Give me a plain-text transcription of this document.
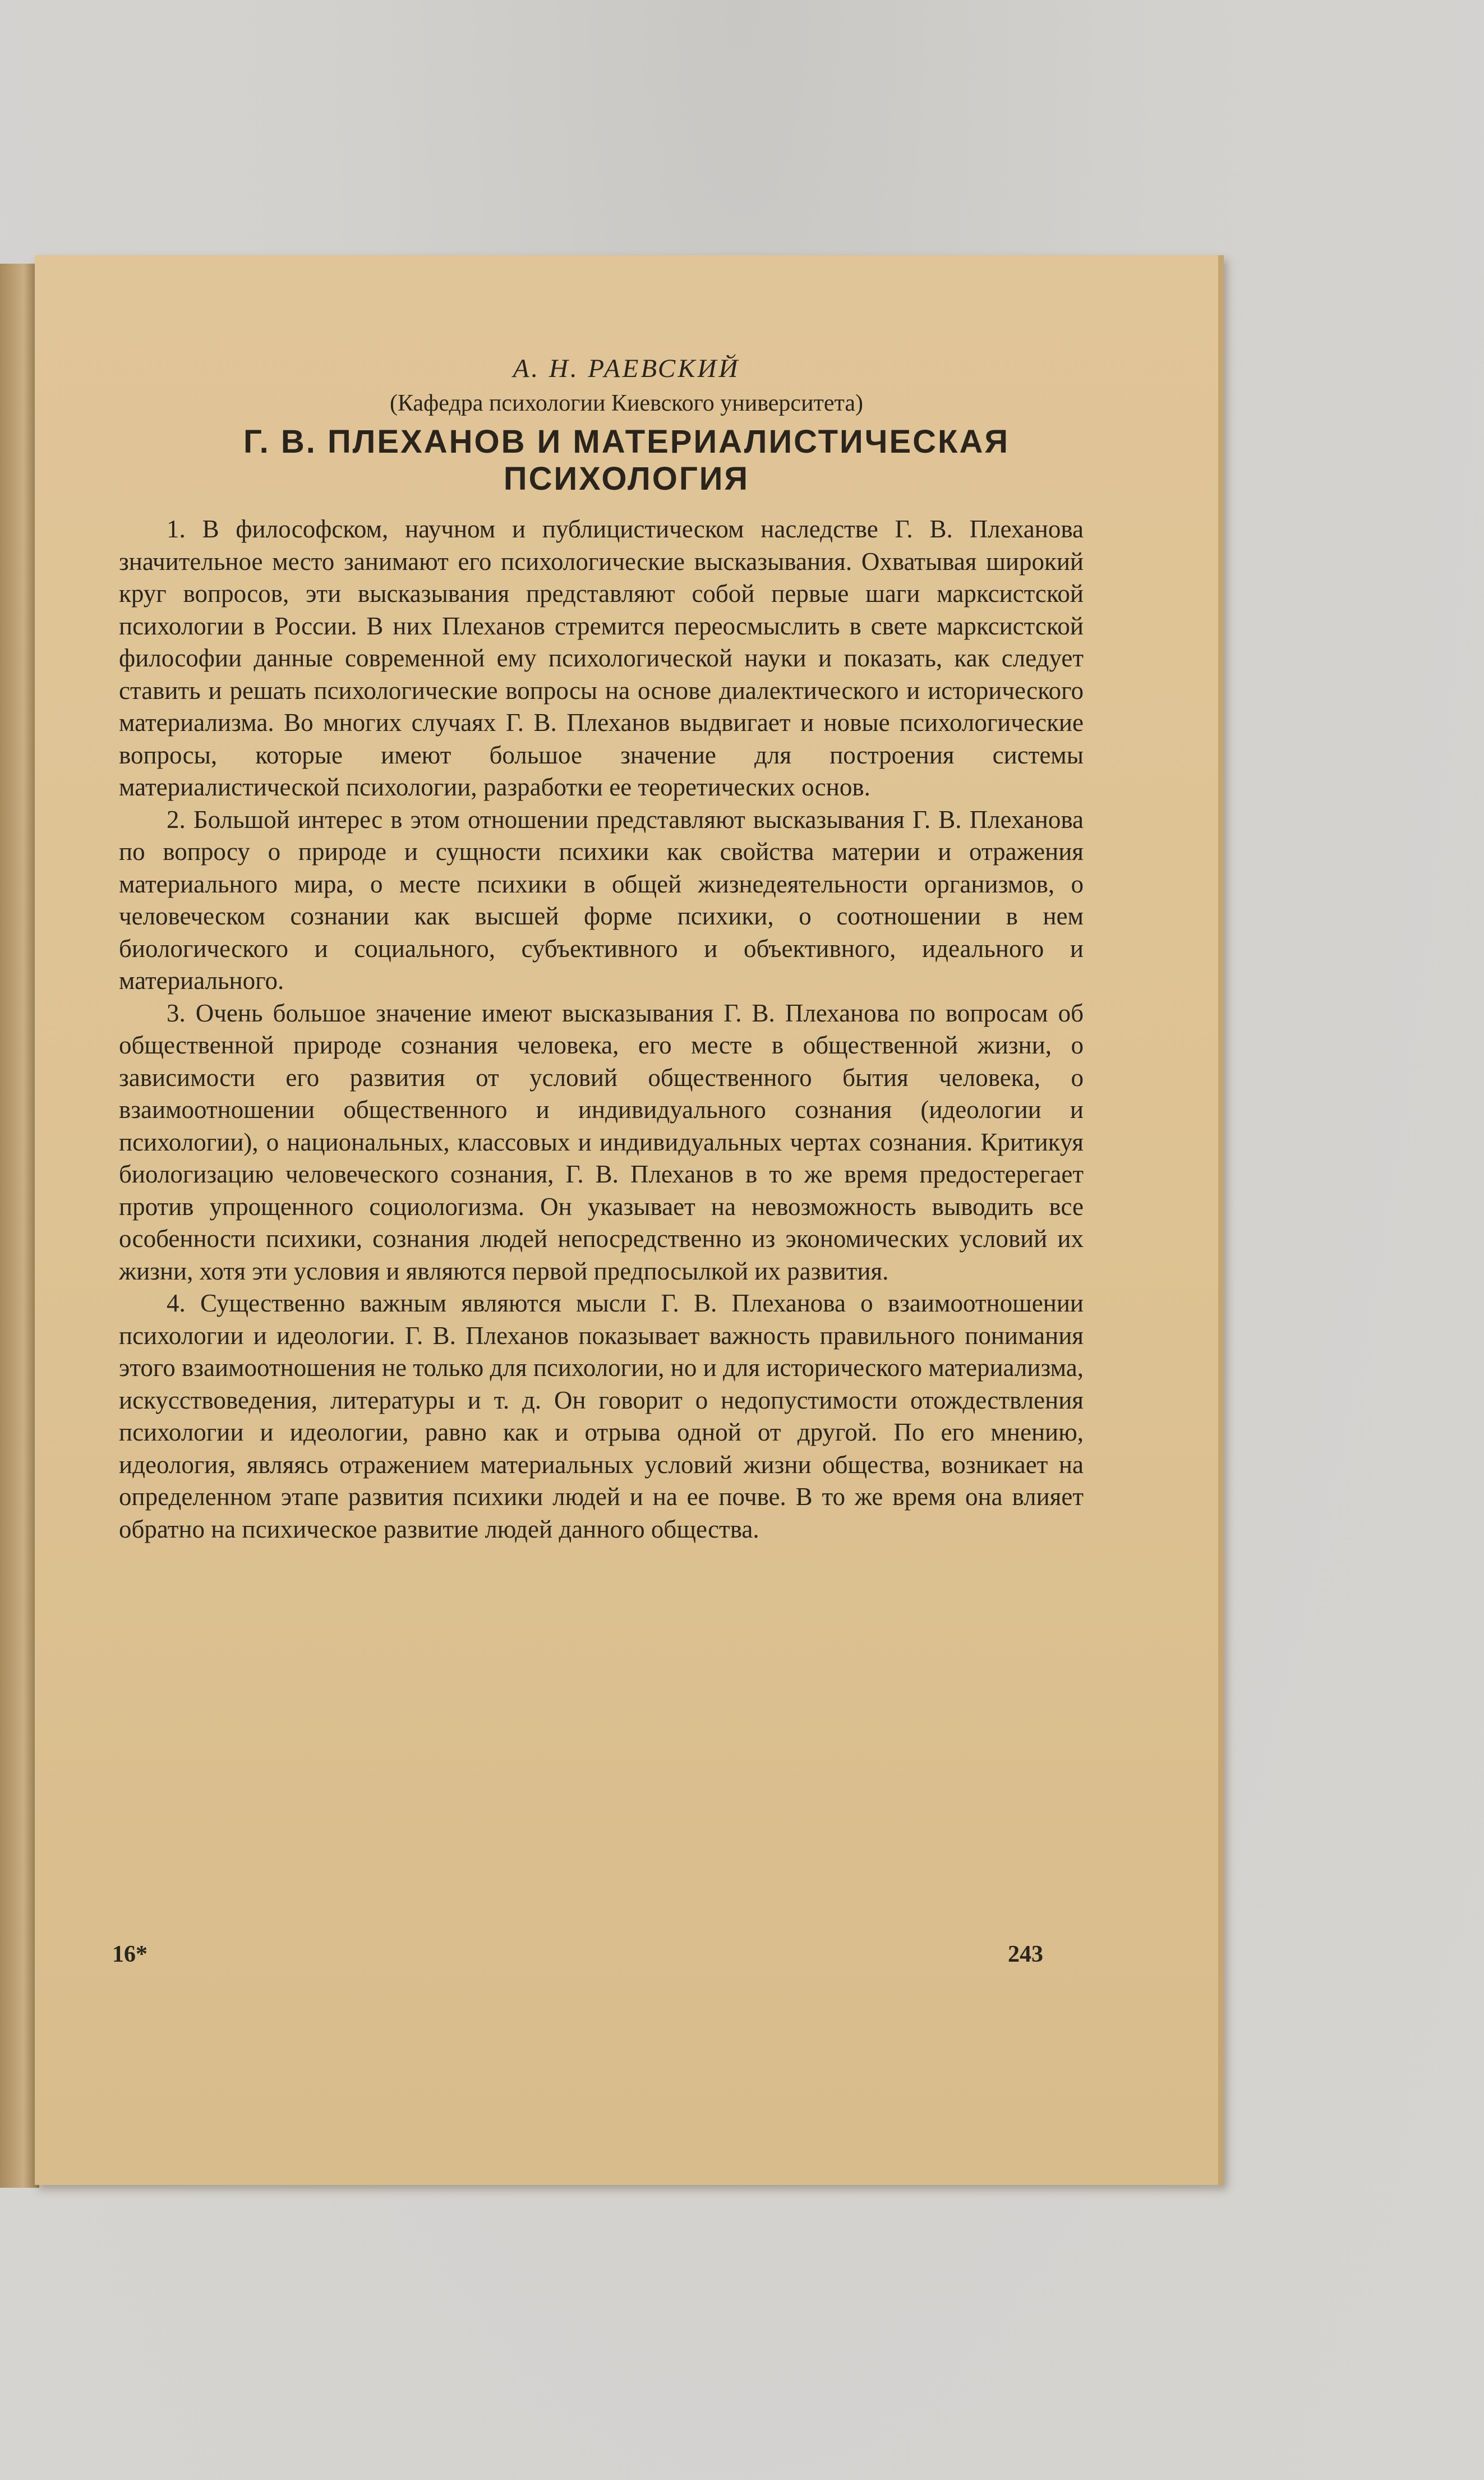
А. Н. РАЕВСКИЙ
(Кафедра психологии Киевского университета)
Г. В. ПЛЕХАНОВ И МАТЕРИАЛИСТИЧЕСКАЯ
ПСИХОЛОГИЯ

1. В философском, научном и публицистическом наследстве Г. В. Плеханова значительное место занимают его психологические высказывания. Охватывая широкий круг вопросов, эти высказывания представляют собой первые шаги марксистской психологии в России. В них Плеханов стремится переосмыслить в свете марксистской философии данные современной ему психологической науки и показать, как следует ставить и решать психологические вопросы на основе диалектического и исторического материализма. Во многих случаях Г. В. Плеханов выдвигает и новые психологические вопросы, которые имеют большое значение для построения системы материалистической психологии, разработки ее теоретических основ.

2. Большой интерес в этом отношении представляют высказывания Г. В. Плеханова по вопросу о природе и сущности психики как свойства материи и отражения материального мира, о месте психики в общей жизнедеятельности организмов, о человеческом сознании как высшей форме психики, о соотношении в нем биологического и социального, субъективного и объективного, идеального и материального.

3. Очень большое значение имеют высказывания Г. В. Плеханова по вопросам об общественной природе сознания человека, его месте в общественной жизни, о зависимости его развития от условий общественного бытия человека, о взаимоотношении общественного и индивидуального сознания (идеологии и психологии), о национальных, классовых и индивидуальных чертах сознания. Критикуя биологизацию человеческого сознания, Г. В. Плеханов в то же время предостерегает против упрощенного социологизма. Он указывает на невозможность выводить все особенности психики, сознания людей непосредственно из экономических условий их жизни, хотя эти условия и являются первой предпосылкой их развития.

4. Существенно важным являются мысли Г. В. Плеханова о взаимоотношении психологии и идеологии. Г. В. Плеханов показывает важность правильного понимания этого взаимоотношения не только для психологии, но и для исторического материализма, искусствоведения, литературы и т. д. Он говорит о недопустимости отождествления психологии и идеологии, равно как и отрыва одной от другой. По его мнению, идеология, являясь отражением материальных условий жизни общества, возникает на определенном этапе развития психики людей и на ее почве. В то же время она влияет обратно на психическое развитие людей данного общества.

16*	243
